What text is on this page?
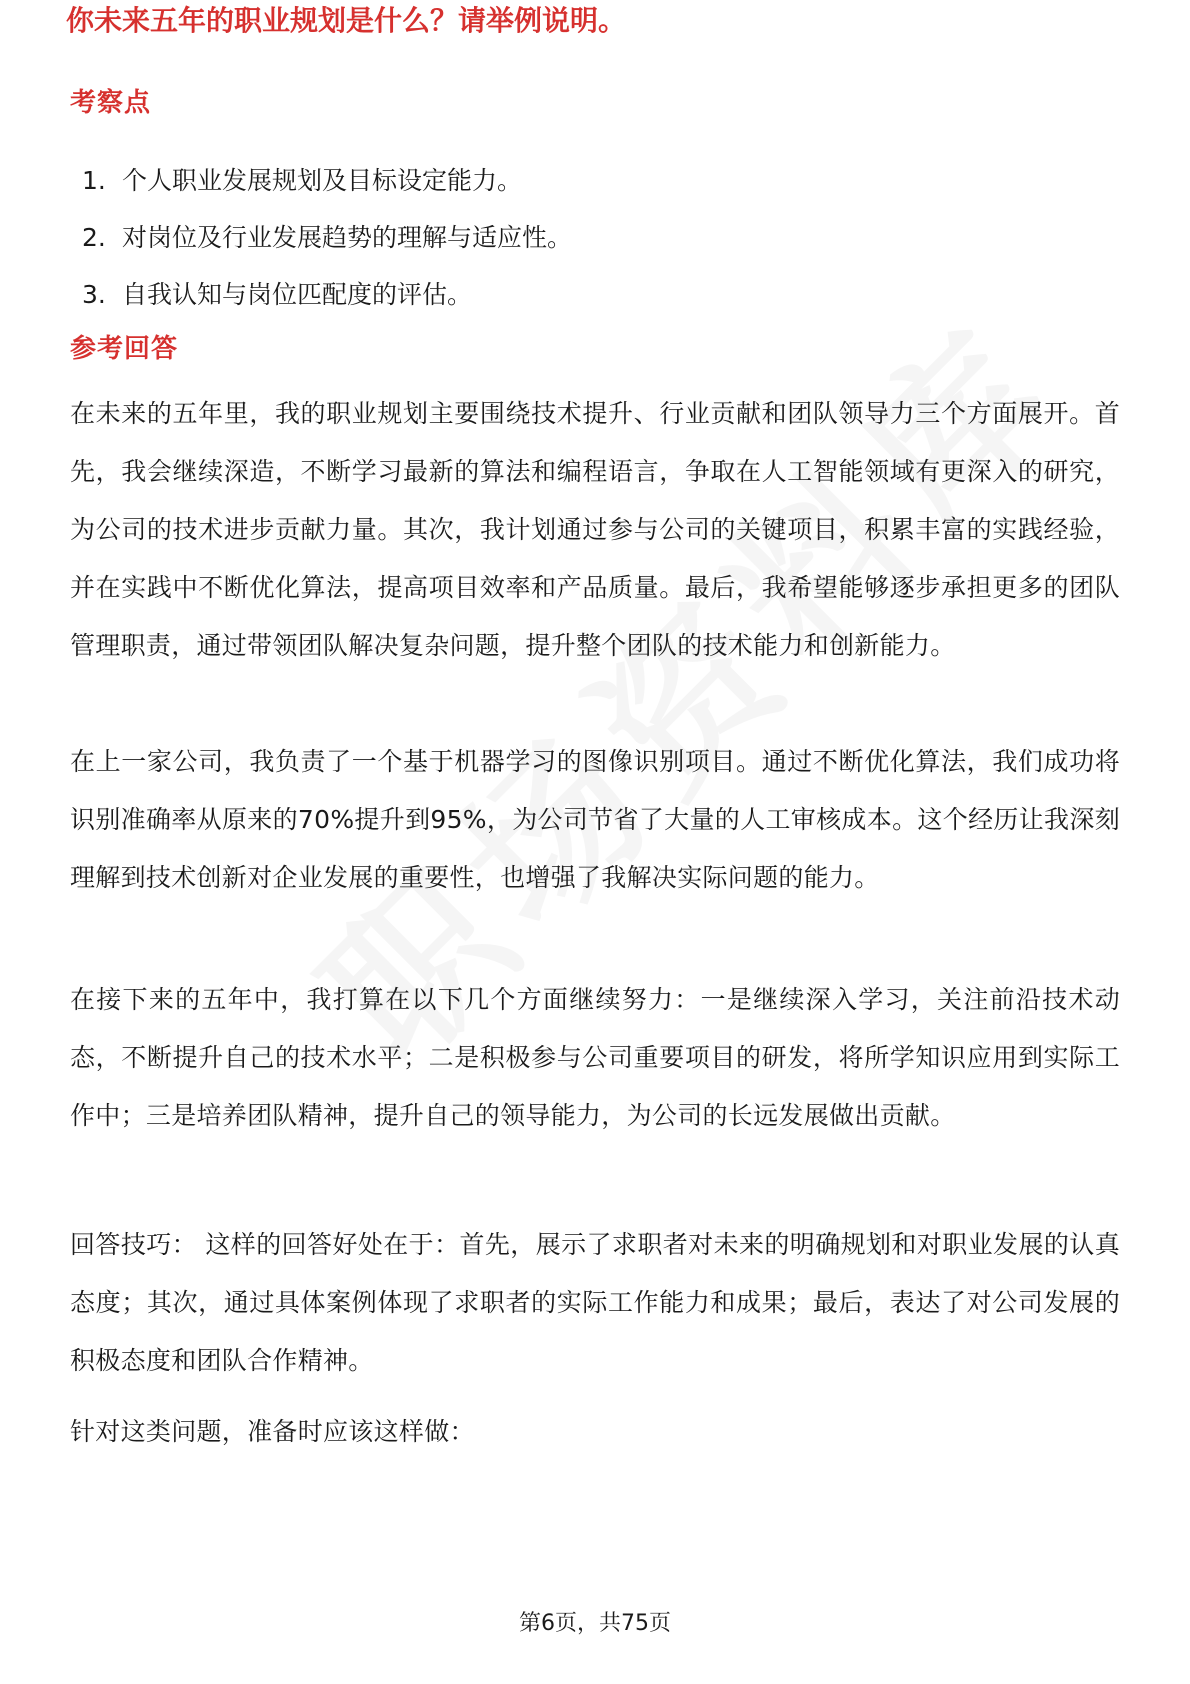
你未来五年的职业规划是什么？请举例说明。
考察点
1. 个人职业发展规划及目标设定能力。
2. 对岗位及行业发展趋势的理解与适应性。
3. 自我认知与岗位匹配度的评估。
参考回答

在未来的五年里，我的职业规划主要围绕技术提升、行业贡献和团队领导力三个方面展开。首先，我会继续深造，不断学习最新的算法和编程语言，争取在人工智能领域有更深入的研究，为公司的技术进步贡献力量。其次，我计划通过参与公司的关键项目，积累丰富的实践经验，并在实践中不断优化算法，提高项目效率和产品质量。最后，我希望能够逐步承担更多的团队管理职责，通过带领团队解决复杂问题，提升整个团队的技术能力和创新能力。

在上一家公司，我负责了一个基于机器学习的图像识别项目。通过不断优化算法，我们成功将识别准确率从原来的70%提升到95%，为公司节省了大量的人工审核成本。这个经历让我深刻理解到技术创新对企业发展的重要性，也增强了我解决实际问题的能力。

在接下来的五年中，我打算在以下几个方面继续努力：一是继续深入学习，关注前沿技术动态，不断提升自己的技术水平；二是积极参与公司重要项目的研发，将所学知识应用到实际工作中；三是培养团队精神，提升自己的领导能力，为公司的长远发展做出贡献。

回答技巧： 这样的回答好处在于：首先，展示了求职者对未来的明确规划和对职业发展的认真态度；其次，通过具体案例体现了求职者的实际工作能力和成果；最后，表达了对公司发展的积极态度和团队合作精神。

针对这类问题，准备时应该这样做：

第6页，共75页
